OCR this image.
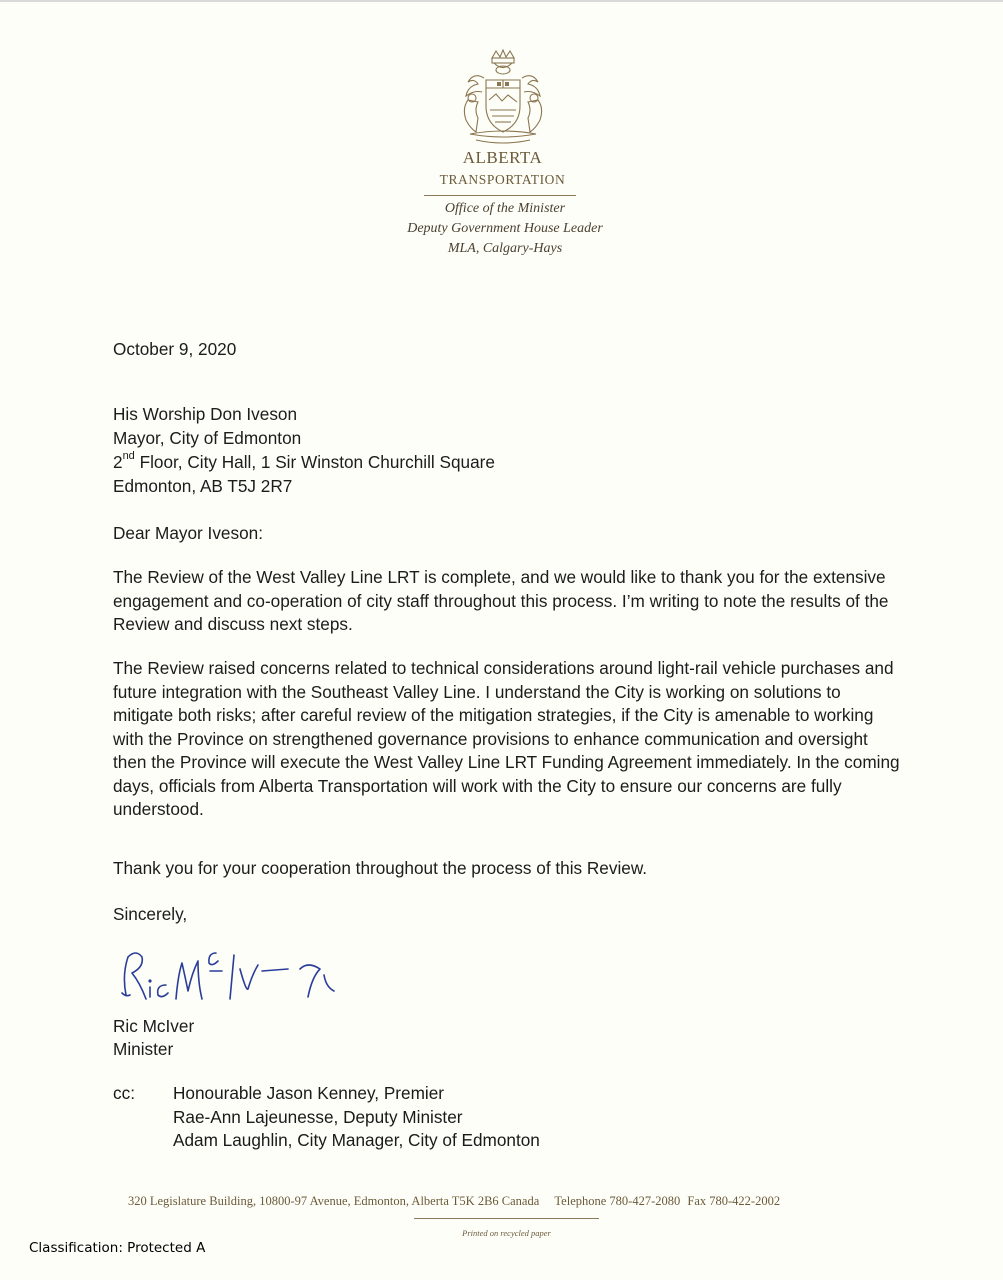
ALBERTA
TRANSPORTATION
Office of the Minister
Deputy Government House Leader
MLA, Calgary-Hays
October 9, 2020
His Worship Don Iveson
Mayor, City of Edmonton
2nd Floor, City Hall, 1 Sir Winston Churchill Square
Edmonton, AB T5J 2R7
Dear Mayor Iveson:
The Review of the West Valley Line LRT is complete, and we would like to thank you for the extensive engagement and co-operation of city staff throughout this process. I’m writing to note the results of the Review and discuss next steps.
The Review raised concerns related to technical considerations around light-rail vehicle purchases and future integration with the Southeast Valley Line. I understand the City is working on solutions to mitigate both risks; after careful review of the mitigation strategies, if the City is amenable to working with the Province on strengthened governance provisions to enhance communication and oversight then the Province will execute the West Valley Line LRT Funding Agreement immediately. In the coming days, officials from Alberta Transportation will work with the City to ensure our concerns are fully understood.
Thank you for your cooperation throughout the process of this Review.
Sincerely,
Ric McIver
Minister
cc: Honourable Jason Kenney, Premier
Rae-Ann Lajeunesse, Deputy Minister
Adam Laughlin, City Manager, City of Edmonton
320 Legislature Building, 10800-97 Avenue, Edmonton, Alberta T5K 2B6 Canada Telephone 780-427-2080 Fax 780-422-2002
Printed on recycled paper
Classification: Protected A
